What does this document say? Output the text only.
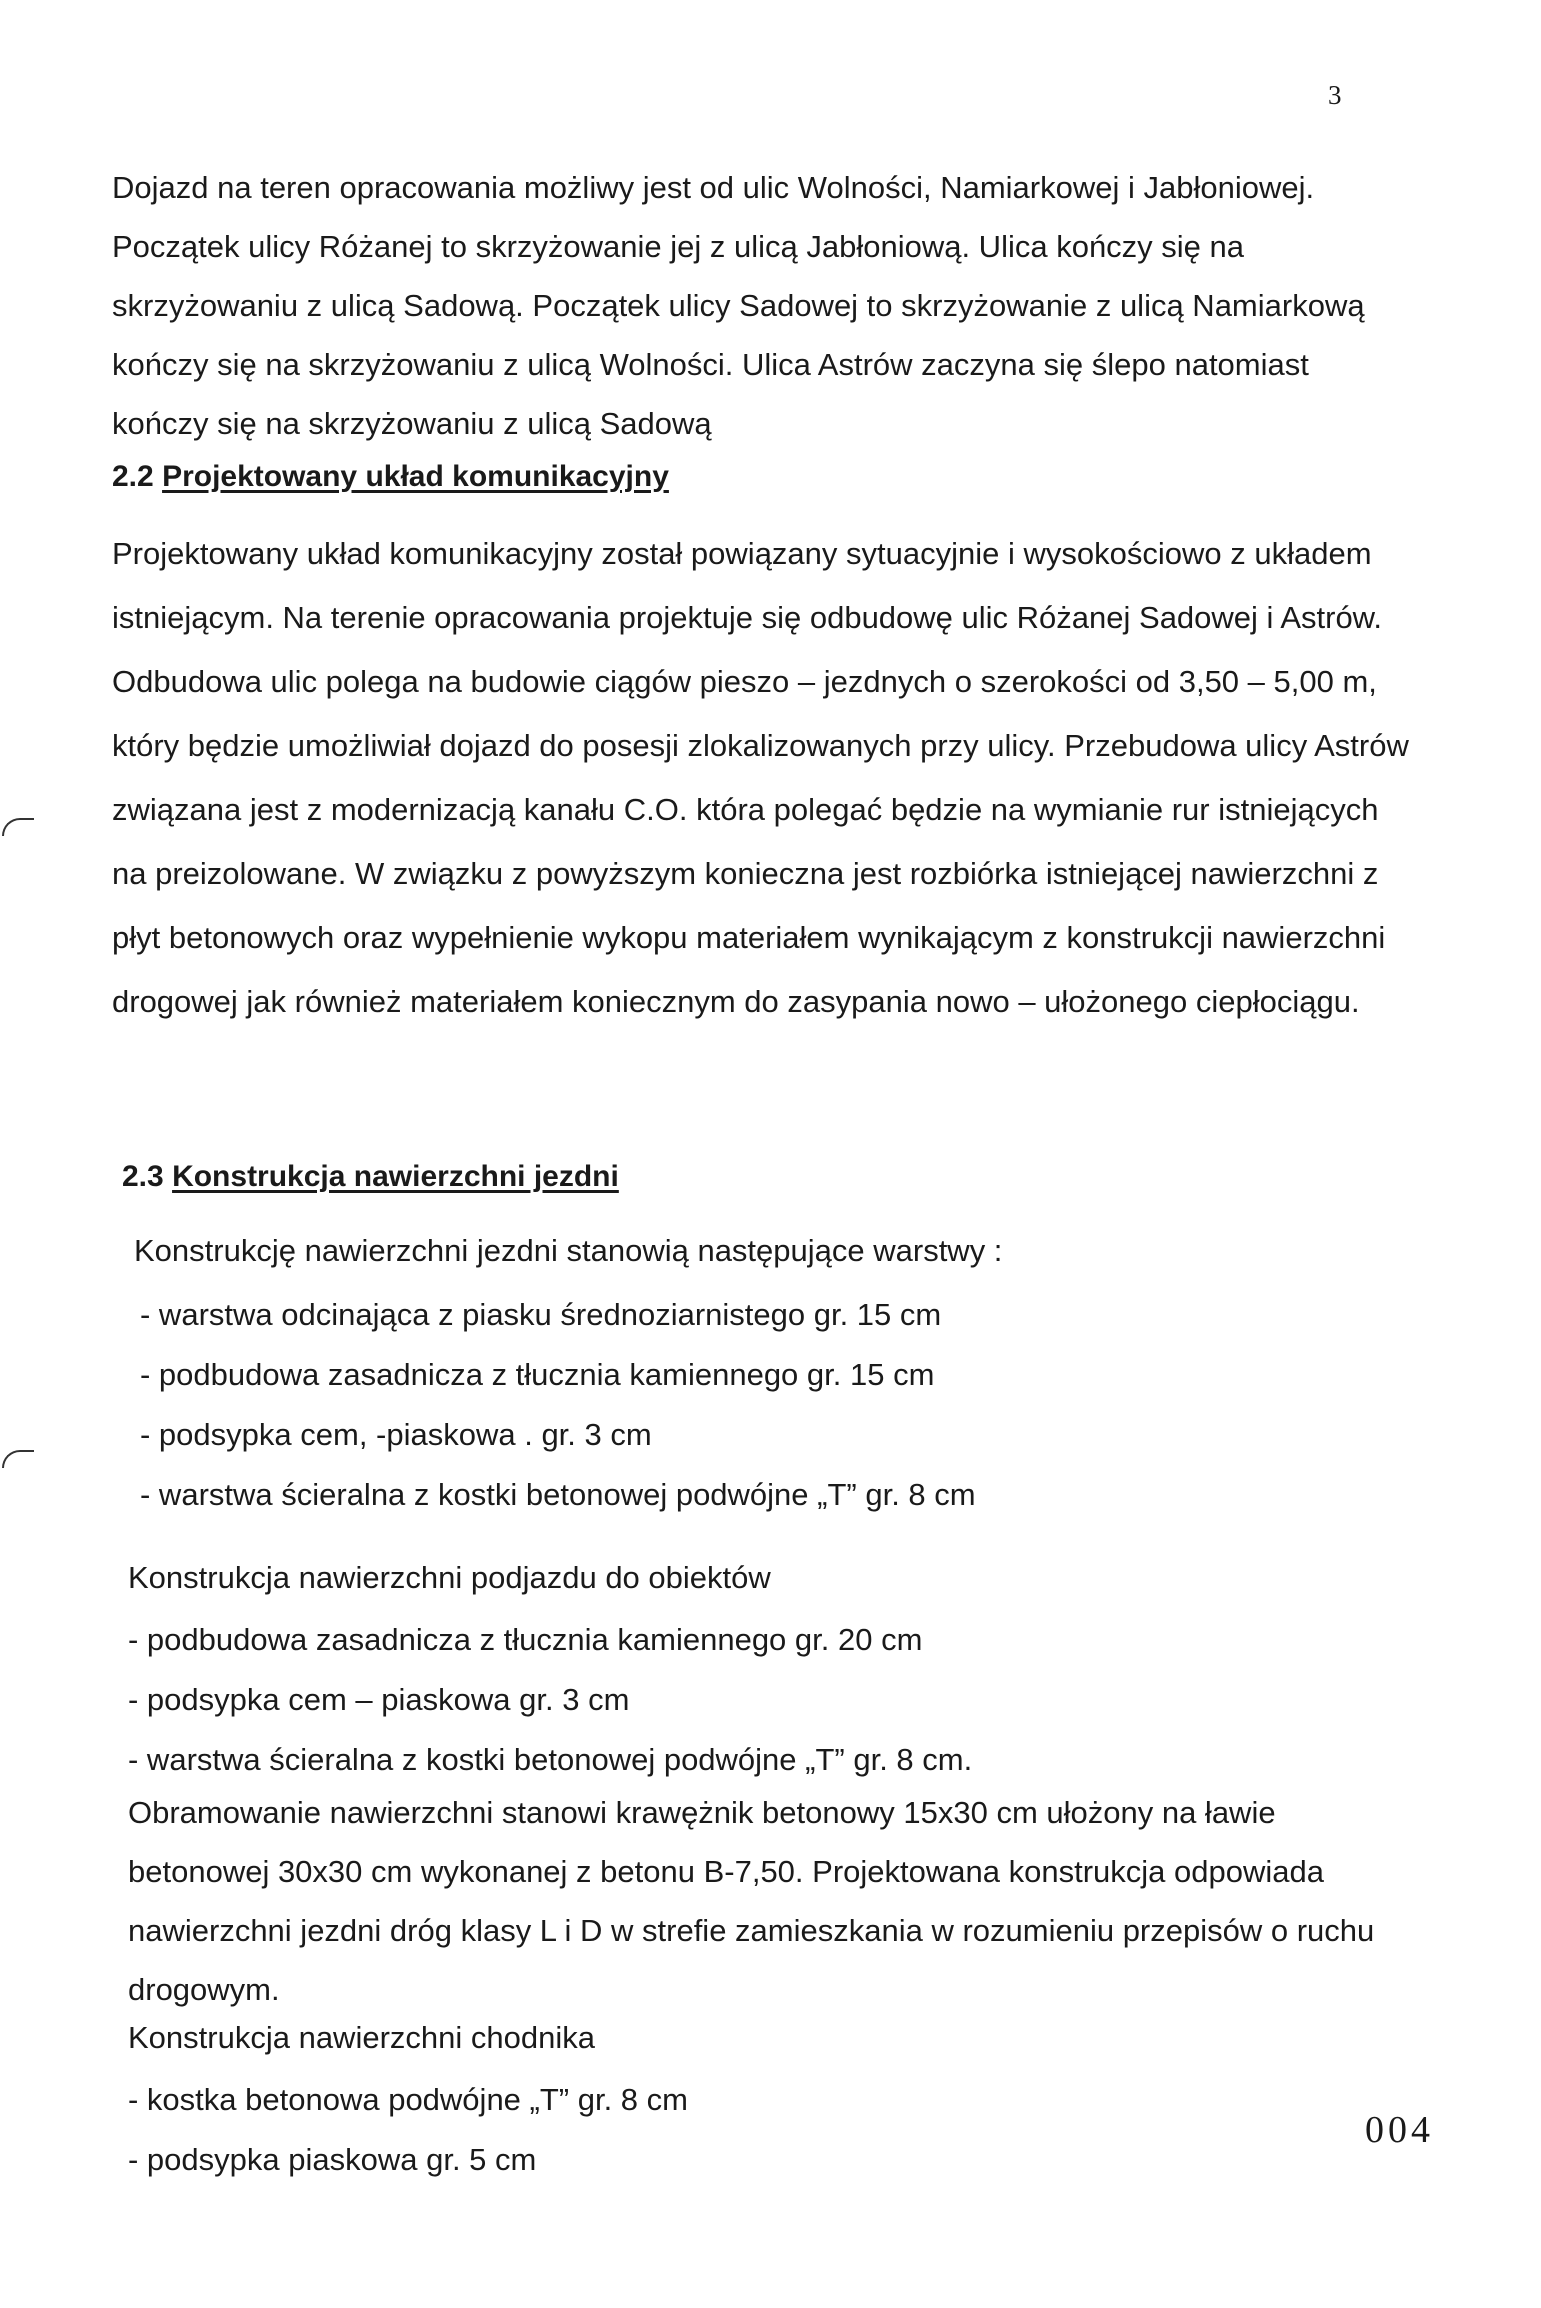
3

Dojazd na teren opracowania możliwy jest od ulic Wolności, Namiarkowej i Jabłoniowej. Początek ulicy Różanej to skrzyżowanie jej z ulicą Jabłoniową. Ulica kończy się na skrzyżowaniu z ulicą Sadową. Początek ulicy Sadowej to skrzyżowanie z ulicą Namiarkową kończy się na skrzyżowaniu z ulicą Wolności. Ulica Astrów zaczyna się ślepo natomiast kończy się na skrzyżowaniu z ulicą Sadową

2.2 Projektowany układ komunikacyjny

Projektowany układ komunikacyjny został powiązany sytuacyjnie i wysokościowo z układem istniejącym. Na terenie opracowania projektuje się odbudowę ulic Różanej Sadowej i Astrów. Odbudowa ulic polega na budowie ciągów pieszo – jezdnych o szerokości od 3,50 – 5,00 m, który będzie umożliwiał dojazd do posesji zlokalizowanych przy ulicy. Przebudowa ulicy Astrów związana jest z modernizacją kanału C.O. która polegać będzie na wymianie rur istniejących na preizolowane. W związku z powyższym konieczna jest rozbiórka istniejącej nawierzchni z płyt betonowych oraz wypełnienie wykopu materiałem wynikającym z konstrukcji nawierzchni drogowej jak również materiałem koniecznym do zasypania nowo – ułożonego ciepłociągu.

2.3 Konstrukcja nawierzchni jezdni
Konstrukcję nawierzchni jezdni stanowią następujące warstwy :
- warstwa odcinająca z piasku średnoziarnistego gr. 15 cm
- podbudowa zasadnicza z tłucznia kamiennego gr. 15 cm
- podsypka cem, -piaskowa . gr. 3 cm
- warstwa ścieralna z kostki betonowej podwójne „T” gr. 8 cm
Konstrukcja nawierzchni podjazdu do obiektów
- podbudowa zasadnicza z tłucznia kamiennego gr. 20 cm
- podsypka cem – piaskowa gr. 3 cm
- warstwa ścieralna z kostki betonowej podwójne „T” gr. 8 cm.

Obramowanie nawierzchni stanowi krawężnik betonowy 15x30 cm ułożony na ławie betonowej 30x30 cm wykonanej z betonu B-7,50. Projektowana konstrukcja odpowiada nawierzchni jezdni dróg klasy L i D w strefie zamieszkania w rozumieniu przepisów o ruchu drogowym.

Konstrukcja nawierzchni chodnika
- kostka betonowa podwójne „T” gr. 8 cm
- podsypka piaskowa gr. 5 cm
004
